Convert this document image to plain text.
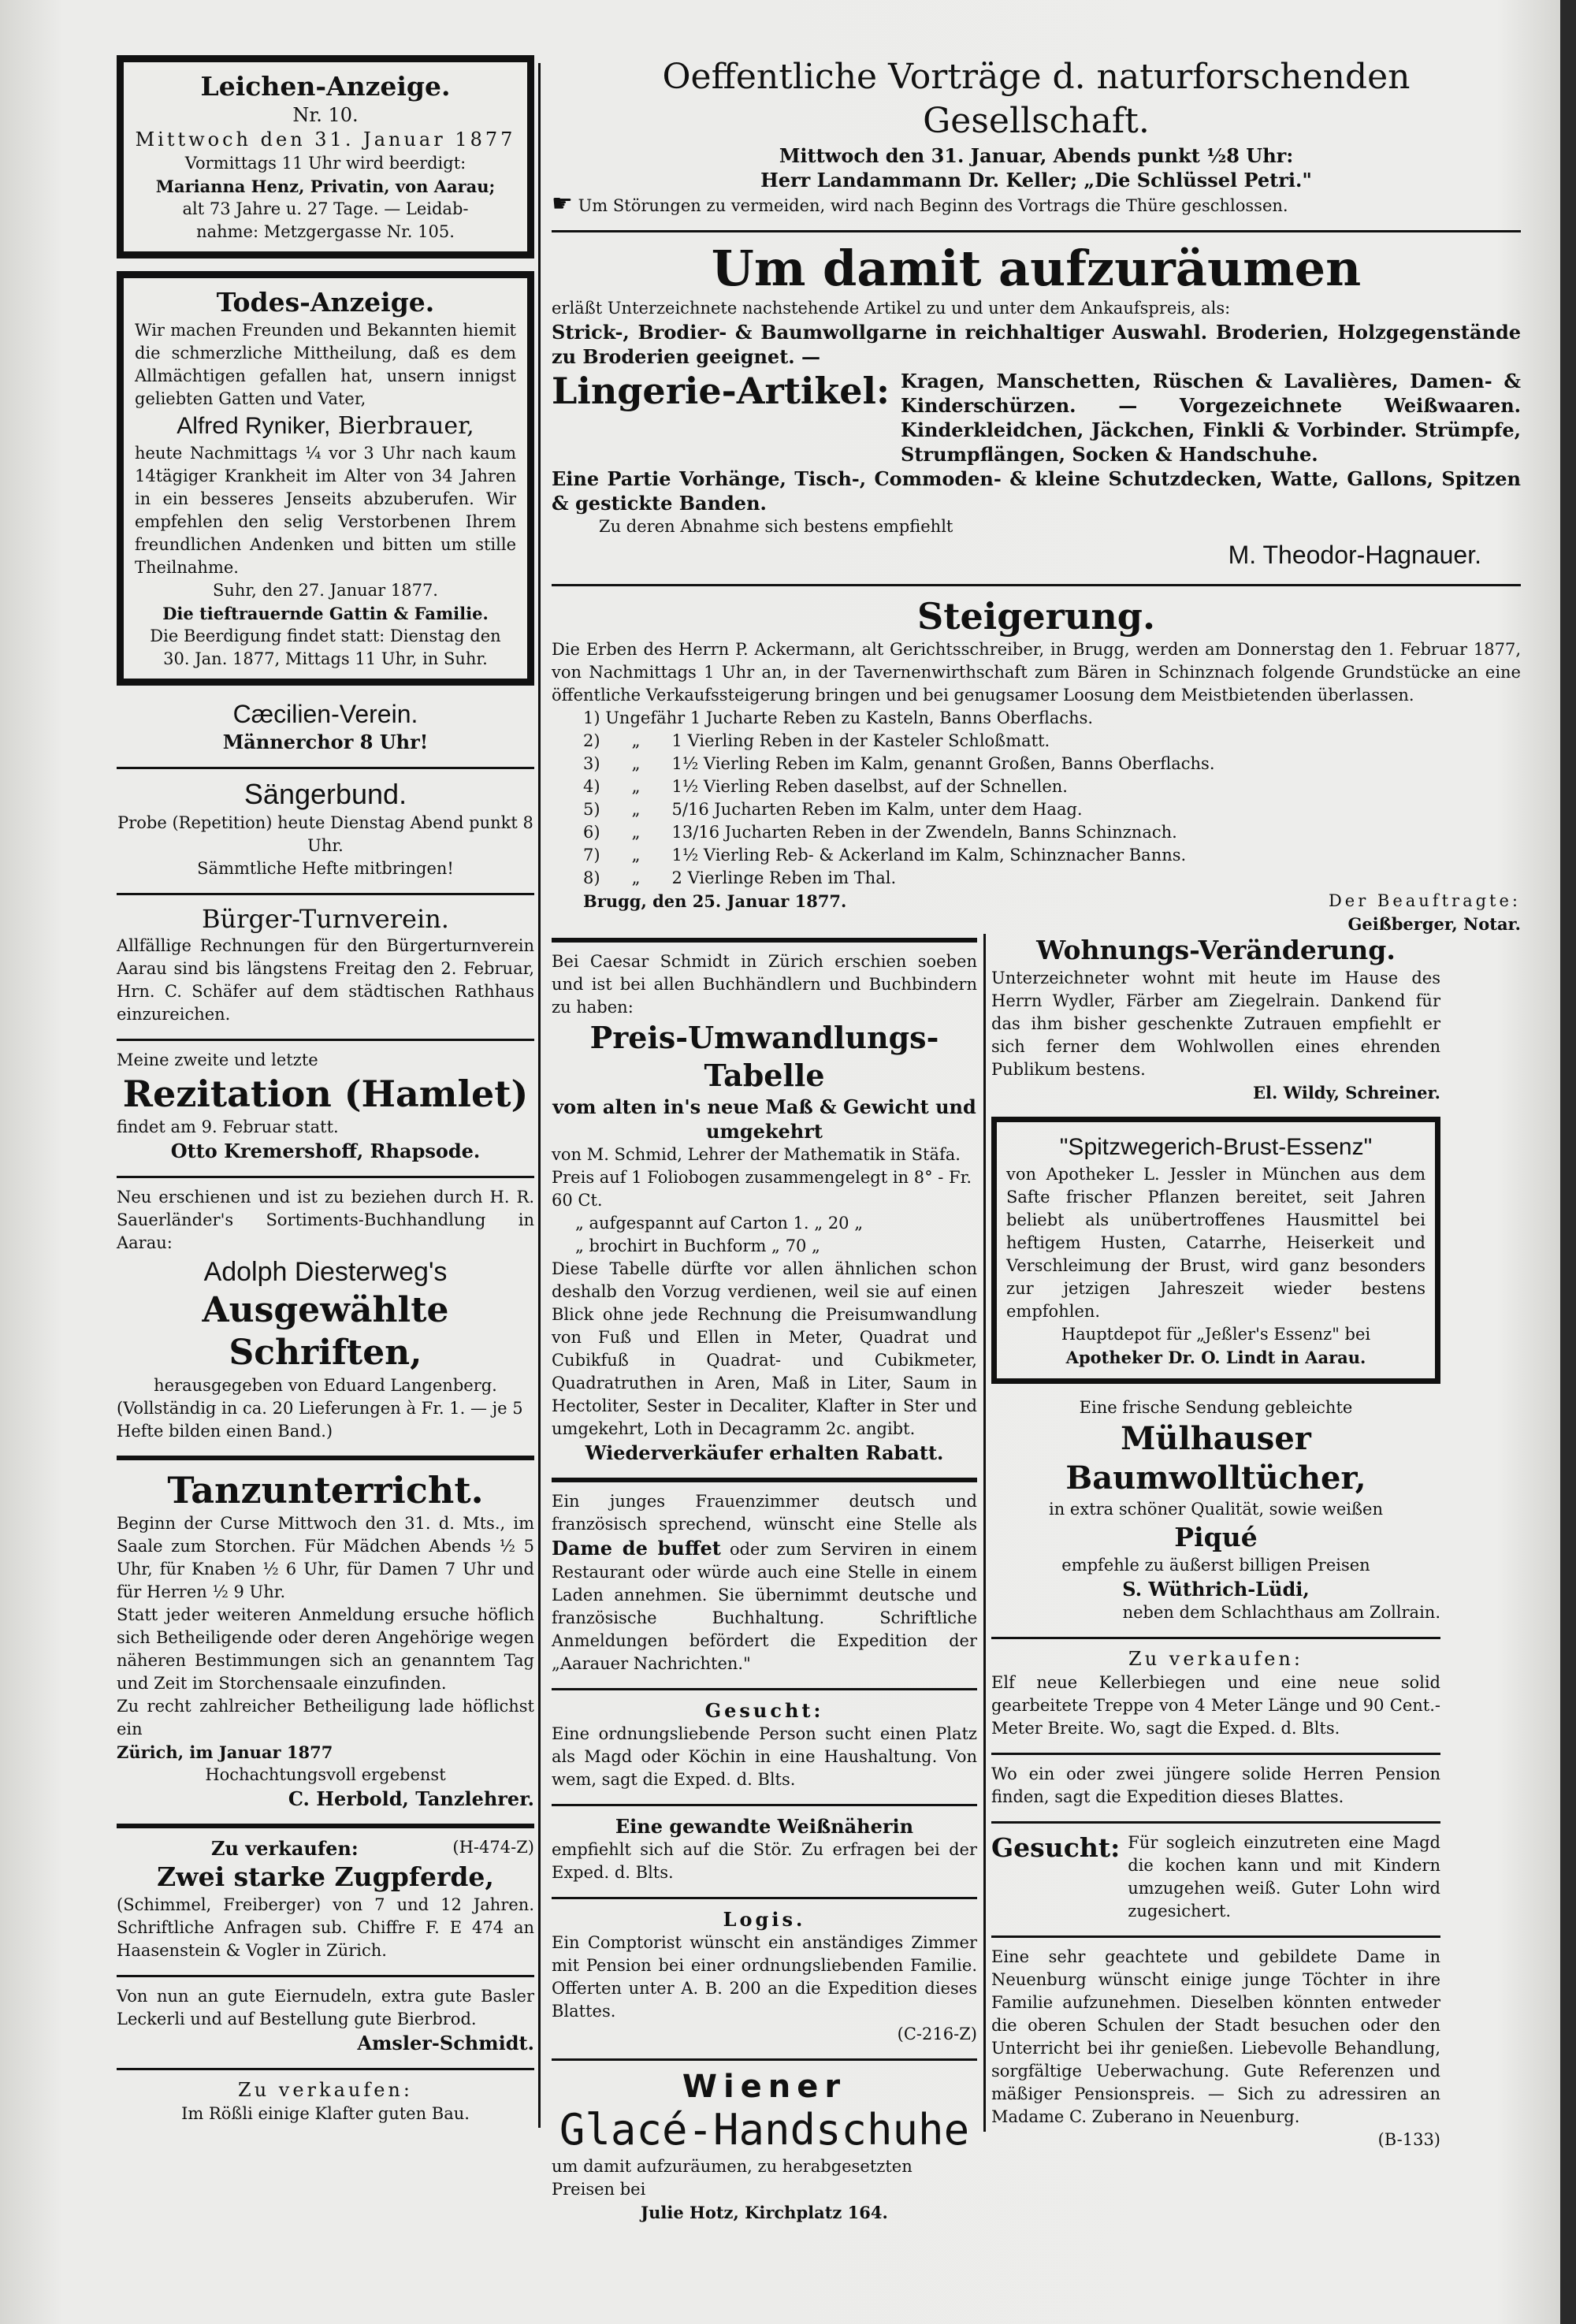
Leichen-Anzeige.
Nr. 10.
Mittwoch den 31. Januar 1877
Vormittags 11 Uhr wird beerdigt:
Marianna Henz, Privatin, von Aarau;
alt 73 Jahre u. 27 Tage. — Leidab-
nahme: Metzgergasse Nr. 105.
Todes-Anzeige.

Wir machen Freunden und Bekannten hiemit die schmerzliche Mittheilung, daß es dem Allmächtigen gefallen hat, unsern innigst geliebten Gatten und Vater,

Alfred Ryniker, Bierbrauer,

heute Nachmittags ¼ vor 3 Uhr nach kaum 14tägiger Krankheit im Alter von 34 Jahren in ein besseres Jenseits abzuberufen. Wir empfehlen den selig Verstorbenen Ihrem freundlichen Andenken und bitten um stille Theilnahme.

Suhr, den 27. Januar 1877.
Die tieftrauernde Gattin & Familie.
Die Beerdigung findet statt: Dienstag den 30. Jan. 1877, Mittags 11 Uhr, in Suhr.
Cæcilien-Verein.
Männerchor 8 Uhr!
Sängerbund.

Probe (Repetition) heute Dienstag Abend punkt 8 Uhr.

Sämmtliche Hefte mitbringen!

Bürger-Turnverein.

Allfällige Rechnungen für den Bürgerturnverein Aarau sind bis längstens Freitag den 2. Februar, Hrn. C. Schäfer auf dem städtischen Rathhaus einzureichen.

Meine zweite und letzte

Rezitation (Hamlet)

findet am 9. Februar statt.

Otto Kremershoff, Rhapsode.

Neu erschienen und ist zu beziehen durch H. R. Sauerländer's Sortiments-Buchhandlung in Aarau:

Adolph Diesterweg's
Ausgewählte Schriften,

herausgegeben von Eduard Langenberg.

(Vollständig in ca. 20 Lieferungen à Fr. 1. — je 5 Hefte bilden einen Band.)

Tanzunterricht.

Beginn der Curse Mittwoch den 31. d. Mts., im Saale zum Storchen. Für Mädchen Abends ½ 5 Uhr, für Knaben ½ 6 Uhr, für Damen 7 Uhr und für Herren ½ 9 Uhr.

Statt jeder weiteren Anmeldung ersuche höflich sich Betheiligende oder deren Angehörige wegen näheren Bestimmungen sich an genanntem Tag und Zeit im Storchensaale einzufinden.

Zu recht zahlreicher Betheiligung lade höflichst ein

Zürich, im Januar 1877

Hochachtungsvoll ergebenst

C. Herbold, Tanzlehrer.

Zu verkaufen:	(H-474-Z)
Zwei starke Zugpferde,

(Schimmel, Freiberger) von 7 und 12 Jahren. Schriftliche Anfragen sub. Chiffre F. E 474 an Haasenstein & Vogler in Zürich.

Von nun an gute Eiernudeln, extra gute Basler Leckerli und auf Bestellung gute Bierbrod.

Amsler-Schmidt.

Zu verkaufen:

Im Rößli einige Klafter guten Bau.

Oeffentliche Vorträge d. naturforschenden Gesellschaft.
Mittwoch den 31. Januar, Abends punkt ½8 Uhr:
Herr Landammann Dr. Keller; „Die Schlüssel Petri."
☛ Um Störungen zu vermeiden, wird nach Beginn des Vortrags die Thüre geschlossen.
Um damit aufzuräumen

erläßt Unterzeichnete nachstehende Artikel zu und unter dem Ankaufspreis, als:

Strick-, Brodier- & Baumwollgarne in reichhaltiger Auswahl. Broderien, Holzgegenstände zu Broderien geeignet. —

Lingerie-Artikel: Kragen, Manschetten, Rüschen & Lavalières, Damen- & Kinderschürzen. — Vorgezeichnete Weißwaaren. Kinderkleidchen, Jäckchen, Finkli & Vorbinder. Strümpfe, Strumpflängen, Socken & Handschuhe.

Eine Partie Vorhänge, Tisch-, Commoden- & kleine Schutzdecken, Watte, Gallons, Spitzen & gestickte Banden.

Zu deren Abnahme sich bestens empfiehlt

M. Theodor-Hagnauer.

Steigerung.

Die Erben des Herrn P. Ackermann, alt Gerichtsschreiber, in Brugg, werden am Donnerstag den 1. Februar 1877, von Nachmittags 1 Uhr an, in der Tavernenwirthschaft zum Bären in Schinznach folgende Grundstücke an eine öffentliche Verkaufssteigerung bringen und bei genugsamer Loosung dem Meistbietenden überlassen.

1) Ungefähr 1 Jucharte Reben zu Kasteln, Banns Oberflachs.
2)      „      1 Vierling Reben in der Kasteler Schloßmatt.
3)      „      1½ Vierling Reben im Kalm, genannt Großen, Banns Oberflachs.
4)      „      1½ Vierling Reben daselbst, auf der Schnellen.
5)      „      5/16 Jucharten Reben im Kalm, unter dem Haag.
6)      „      13/16 Jucharten Reben in der Zwendeln, Banns Schinznach.
7)      „      1½ Vierling Reb- & Ackerland im Kalm, Schinznacher Banns.
8)      „      2 Vierlinge Reben im Thal.
Brugg, den 25. Januar 1877.	Der Beauftragte:

Geißberger, Notar.

Bei Caesar Schmidt in Zürich erschien soeben und ist bei allen Buchhändlern und Buchbindern zu haben:

Preis-Umwandlungs-Tabelle
vom alten in's neue Maß & Gewicht und umgekehrt

von M. Schmid, Lehrer der Mathematik in Stäfa.

Preis auf 1 Foliobogen zusammengelegt in 8° - Fr. 60 Ct.

„ aufgespannt auf Carton 1. „ 20 „

„ brochirt in Buchform „ 70 „

Diese Tabelle dürfte vor allen ähnlichen schon deshalb den Vorzug verdienen, weil sie auf einen Blick ohne jede Rechnung die Preisumwandlung von Fuß und Ellen in Meter, Quadrat und Cubikfuß in Quadrat- und Cubikmeter, Quadratruthen in Aren, Maß in Liter, Saum in Hectoliter, Sester in Decaliter, Klafter in Ster und umgekehrt, Loth in Decagramm 2c. angibt.

Wiederverkäufer erhalten Rabatt.

Ein junges Frauenzimmer deutsch und französisch sprechend, wünscht eine Stelle als Dame de buffet oder zum Serviren in einem Restaurant oder würde auch eine Stelle in einem Laden annehmen. Sie übernimmt deutsche und französische Buchhaltung. Schriftliche Anmeldungen befördert die Expedition der „Aarauer Nachrichten."

Gesucht:

Eine ordnungsliebende Person sucht einen Platz als Magd oder Köchin in eine Haushaltung. Von wem, sagt die Exped. d. Blts.

Eine gewandte Weißnäherin

empfiehlt sich auf die Stör. Zu erfragen bei der Exped. d. Blts.

Logis.

Ein Comptorist wünscht ein anständiges Zimmer mit Pension bei einer ordnungsliebenden Familie. Offerten unter A. B. 200 an die Expedition dieses Blattes.

(C-216-Z)

Wiener
Glacé-Handschuhe

um damit aufzuräumen, zu herabgesetzten Preisen bei

Julie Hotz, Kirchplatz 164.

Wohnungs-Veränderung.

Unterzeichneter wohnt mit heute im Hause des Herrn Wydler, Färber am Ziegelrain. Dankend für das ihm bisher geschenkte Zutrauen empfiehlt er sich ferner dem Wohlwollen eines ehrenden Publikum bestens.

El. Wildy, Schreiner.

"Spitzwegerich-Brust-Essenz"

von Apotheker L. Jessler in München aus dem Safte frischer Pflanzen bereitet, seit Jahren beliebt als unübertroffenes Hausmittel bei heftigem Husten, Catarrhe, Heiserkeit und Verschleimung der Brust, wird ganz besonders zur jetzigen Jahreszeit wieder bestens empfohlen.

Hauptdepot für „Jeßler's Essenz" bei

Apotheker Dr. O. Lindt in Aarau.

Eine frische Sendung gebleichte

Mülhauser Baumwolltücher,

in extra schöner Qualität, sowie weißen

Piqué

empfehle zu äußerst billigen Preisen

S. Wüthrich-Lüdi,

neben dem Schlachthaus am Zollrain.

Zu verkaufen:

Elf neue Kellerbiegen und eine neue solid gearbeitete Treppe von 4 Meter Länge und 90 Cent.-Meter Breite. Wo, sagt die Exped. d. Blts.

Wo ein oder zwei jüngere solide Herren Pension finden, sagt die Expedition dieses Blattes.

Gesucht: Für sogleich einzutreten eine Magd die kochen kann und mit Kindern umzugehen weiß. Guter Lohn wird zugesichert.

Eine sehr geachtete und gebildete Dame in Neuenburg wünscht einige junge Töchter in ihre Familie aufzunehmen. Dieselben könnten entweder die oberen Schulen der Stadt besuchen oder den Unterricht bei ihr genießen. Liebevolle Behandlung, sorgfältige Ueberwachung. Gute Referenzen und mäßiger Pensionspreis. — Sich zu adressiren an Madame C. Zuberano in Neuenburg.

(B-133)
